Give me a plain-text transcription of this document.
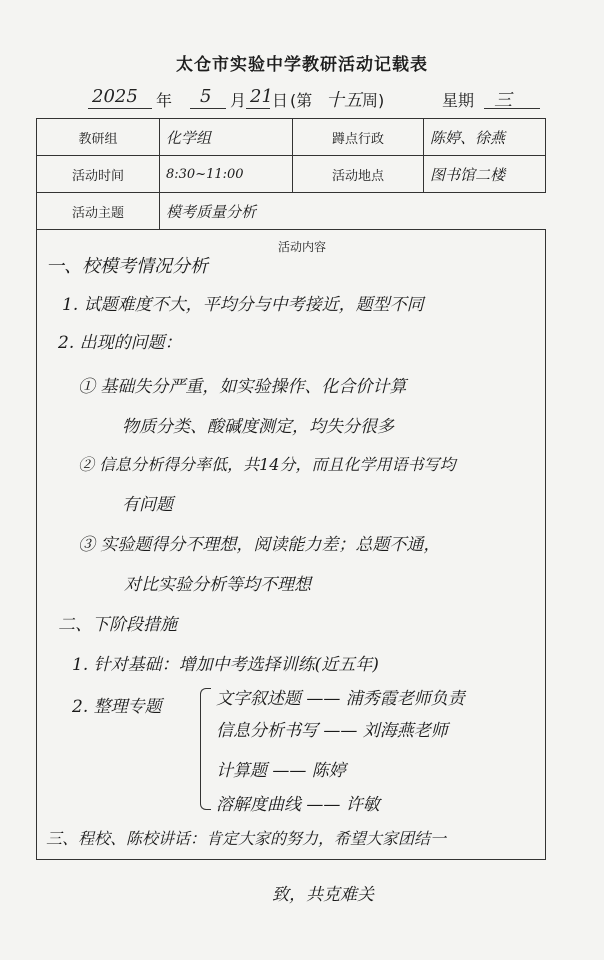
太仓市实验中学教研活动记载表
2025 年 5 月 21 日 (第 十五 周)	星期 三
教研组	化学组	蹲点行政	陈婷、徐燕
活动时间	8:30~11:00	活动地点	图书馆二楼
活动主题	模考质量分析		
活动内容
一、校模考情况分析
1. 试题难度不大，平均分与中考接近，题型不同
2. 出现的问题：
① 基础失分严重，如实验操作、化合价计算
物质分类、酸碱度测定，均失分很多
② 信息分析得分率低，共14分，而且化学用语书写均
有问题
③ 实验题得分不理想，阅读能力差；总题不通，
对比实验分析等均不理想
二、下阶段措施
1. 针对基础：增加中考选择训练(近五年)
2. 整理专题	文字叙述题 —— 浦秀霞老师负责
信息分析书写 —— 刘海燕老师
计算题 —— 陈婷
溶解度曲线 —— 许敏
三、程校、陈校讲话：肯定大家的努力，希望大家团结一
致，共克难关
